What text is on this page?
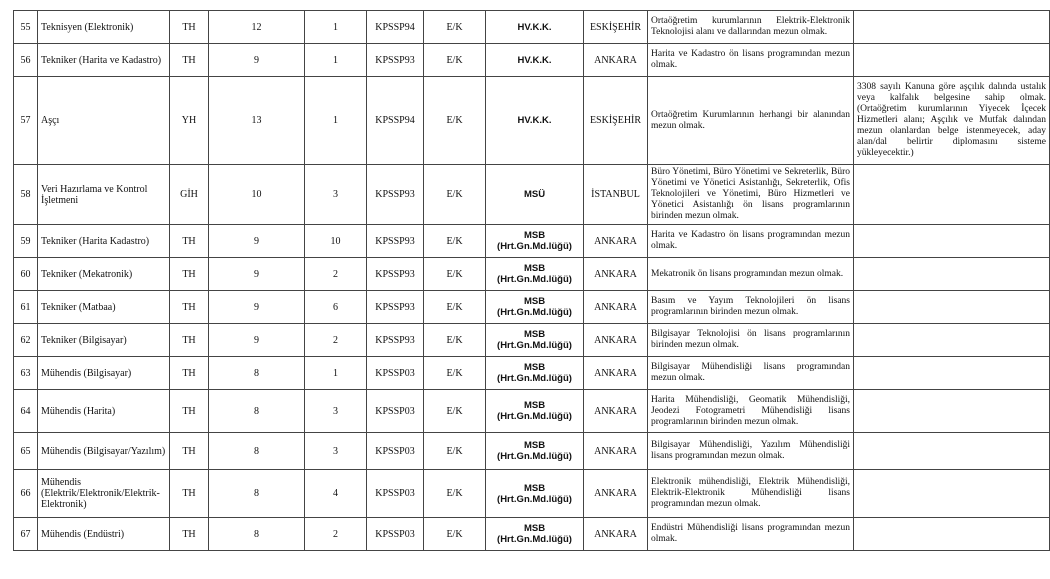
55	Teknisyen (Elektronik)	TH	12	1	KPSSP94	E/K	HV.K.K.	ESKİŞEHİR	Ortaöğretim kurumlarının Elektrik-Elektronik Teknolojisi alanı ve dallarından mezun olmak.	
56	Tekniker (Harita ve Kadastro)	TH	9	1	KPSSP93	E/K	HV.K.K.	ANKARA	Harita ve Kadastro ön lisans programından mezun olmak.	
57	Aşçı	YH	13	1	KPSSP94	E/K	HV.K.K.	ESKİŞEHİR	Ortaöğretim Kurumlarının herhangi bir alanından mezun olmak.	3308 sayılı Kanuna göre aşçılık dalında ustalık veya kalfalık belgesine sahip olmak. (Ortaöğretim kurumlarının Yiyecek İçecek Hizmetleri alanı; Aşçılık ve Mutfak dalından mezun olanlardan belge istenmeyecek, aday alan/dal belirtir diplomasını sisteme yükleyecektir.)
58	Veri Hazırlama ve Kontrol İşletmeni	GİH	10	3	KPSSP93	E/K	MSÜ	İSTANBUL	Büro Yönetimi, Büro Yönetimi ve Sekreterlik, Büro Yönetimi ve Yönetici Asistanlığı, Sekreterlik, Ofis Teknolojileri ve Yönetimi, Büro Hizmetleri ve Yönetici Asistanlığı ön lisans programlarının birinden mezun olmak.	
59	Tekniker (Harita Kadastro)	TH	9	10	KPSSP93	E/K	MSB (Hrt.Gn.Md.lüğü)	ANKARA	Harita ve Kadastro ön lisans programından mezun olmak.	
60	Tekniker (Mekatronik)	TH	9	2	KPSSP93	E/K	MSB (Hrt.Gn.Md.lüğü)	ANKARA	Mekatronik ön lisans programından mezun olmak.	
61	Tekniker (Matbaa)	TH	9	6	KPSSP93	E/K	MSB (Hrt.Gn.Md.lüğü)	ANKARA	Basım ve Yayım Teknolojileri ön lisans programlarının birinden mezun olmak.	
62	Tekniker (Bilgisayar)	TH	9	2	KPSSP93	E/K	MSB (Hrt.Gn.Md.lüğü)	ANKARA	Bilgisayar Teknolojisi ön lisans programlarının birinden mezun olmak.	
63	Mühendis (Bilgisayar)	TH	8	1	KPSSP03	E/K	MSB (Hrt.Gn.Md.lüğü)	ANKARA	Bilgisayar Mühendisliği lisans programından mezun olmak.	
64	Mühendis (Harita)	TH	8	3	KPSSP03	E/K	MSB (Hrt.Gn.Md.lüğü)	ANKARA	Harita Mühendisliği, Geomatik Mühendisliği, Jeodezi Fotogrametri Mühendisliği lisans programlarının birinden mezun olmak.	
65	Mühendis (Bilgisayar/Yazılım)	TH	8	3	KPSSP03	E/K	MSB (Hrt.Gn.Md.lüğü)	ANKARA	Bilgisayar Mühendisliği, Yazılım Mühendisliği lisans programından mezun olmak.	
66	Mühendis (Elektrik/Elektronik/Elektrik-Elektronik)	TH	8	4	KPSSP03	E/K	MSB (Hrt.Gn.Md.lüğü)	ANKARA	Elektronik mühendisliği, Elektrik Mühendisliği, Elektrik-Elektronik Mühendisliği lisans programından mezun olmak.	
67	Mühendis (Endüstri)	TH	8	2	KPSSP03	E/K	MSB (Hrt.Gn.Md.lüğü)	ANKARA	Endüstri Mühendisliği lisans programından mezun olmak.	
